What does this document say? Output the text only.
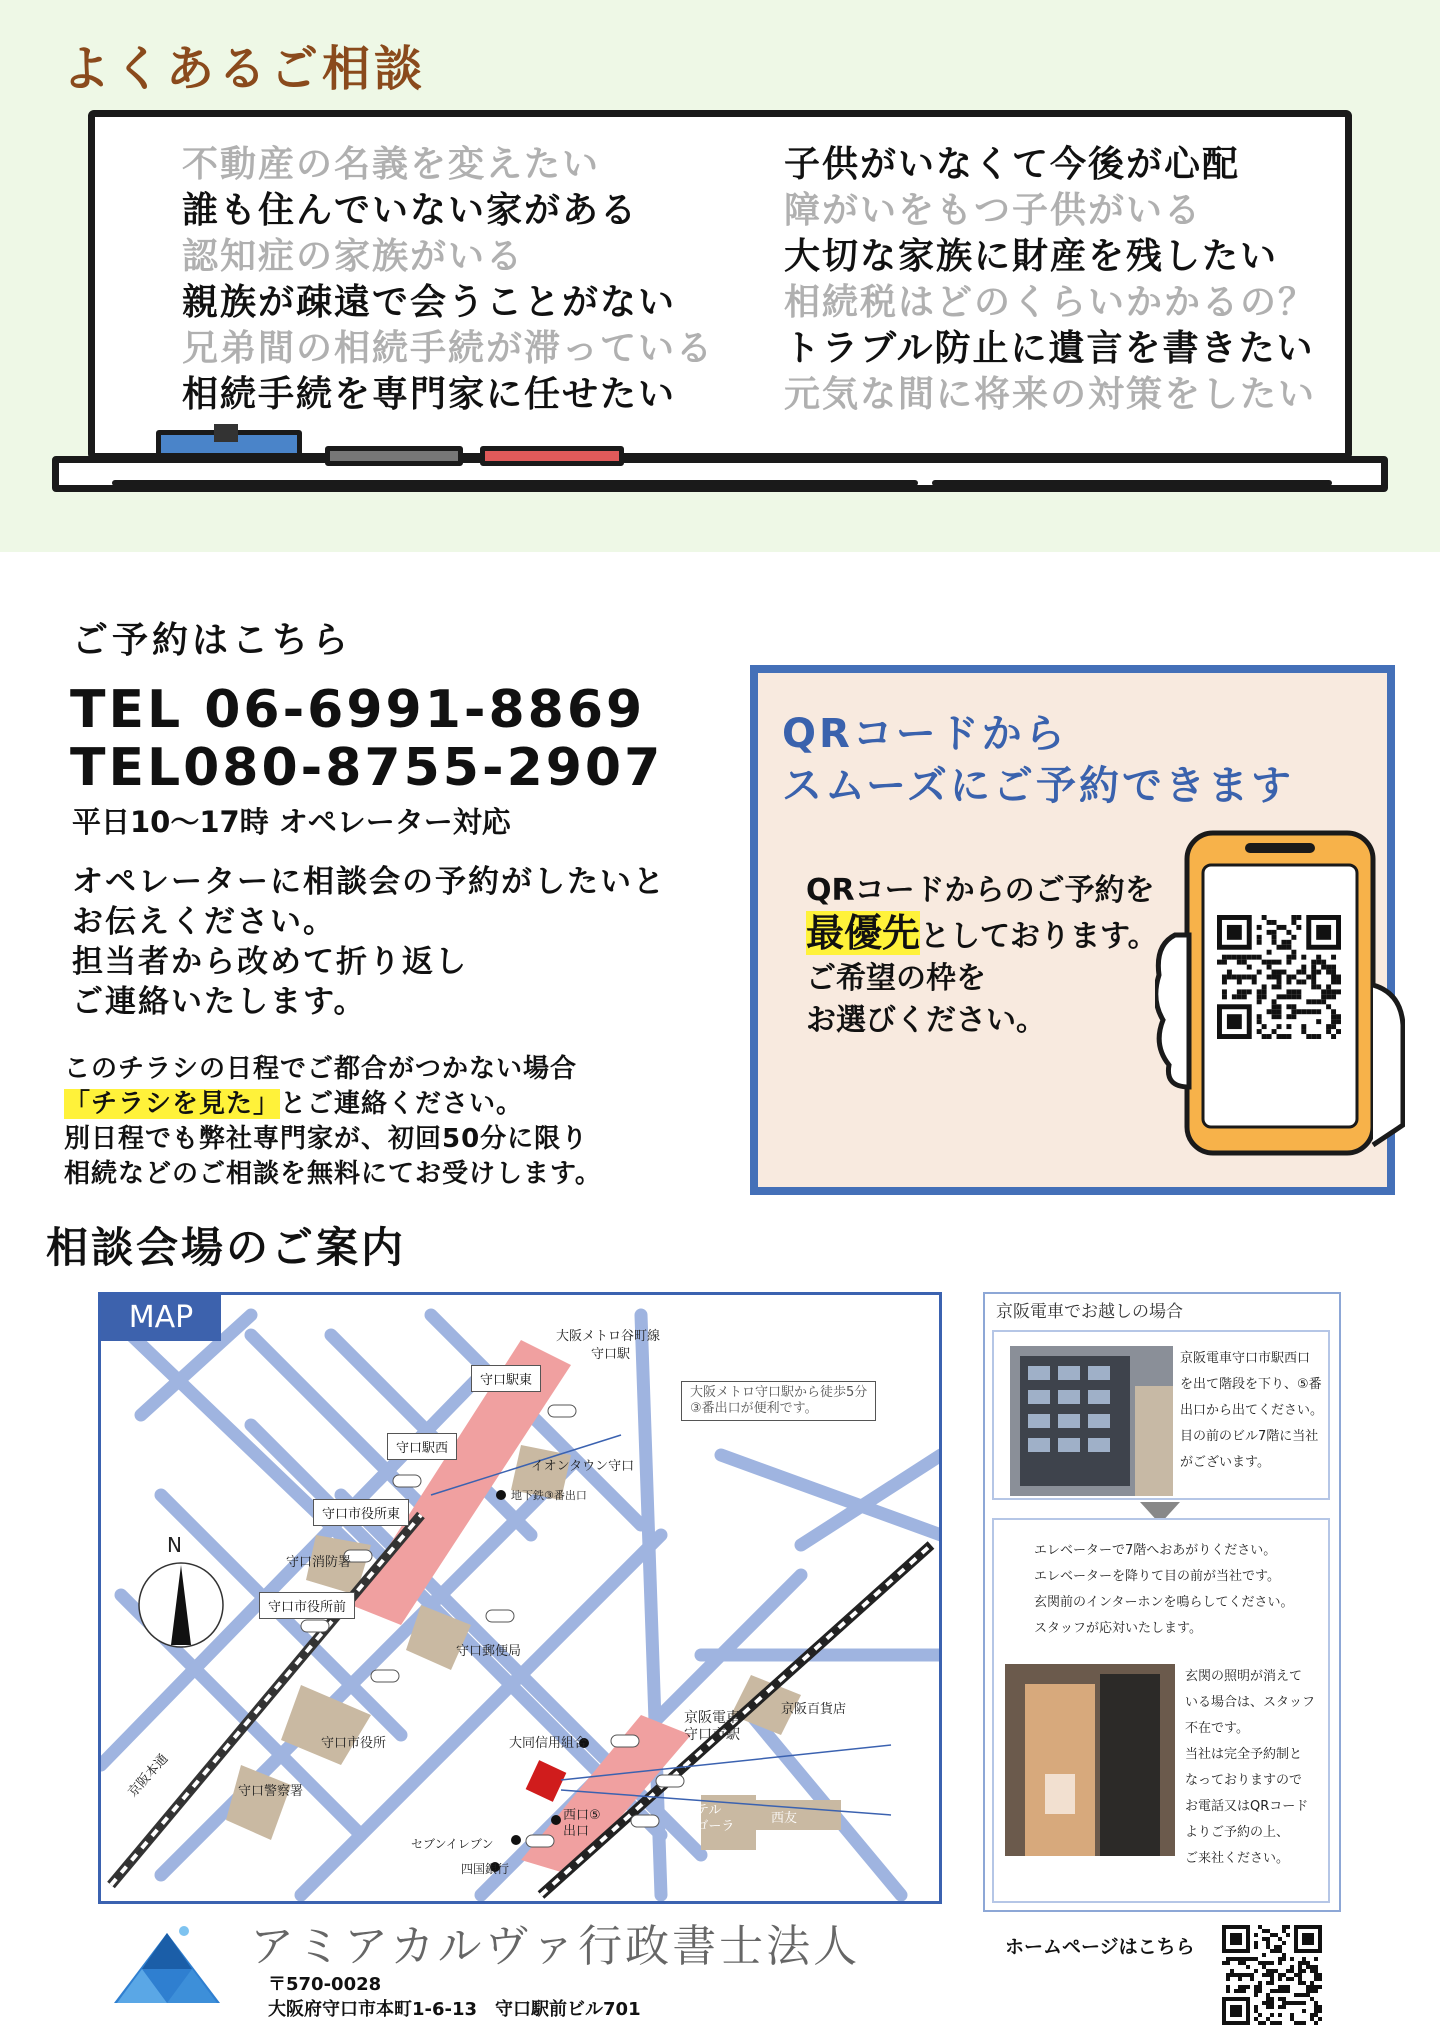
よくあるご相談
不動産の名義を変えたい
誰も住んでいない家がある
認知症の家族がいる
親族が疎遠で会うことがない
兄弟間の相続手続が滞っている
相続手続を専門家に任せたい
子供がいなくて今後が心配
障がいをもつ子供がいる
大切な家族に財産を残したい
相続税はどのくらいかかるの？
トラブル防止に遺言を書きたい
元気な間に将来の対策をしたい
ご予約はこちら
TEL 06-6991-8869
TEL080-8755-2907
平日10～17時 オペレーター対応
オペレーターに相談会の予約がしたいと
お伝えください。
担当者から改めて折り返し
ご連絡いたします。
このチラシの日程でご都合がつかない場合
「チラシを見た」とご連絡ください。
別日程でも弊社専門家が、初回50分に限り
相続などのご相談を無料にてお受けします。
QRコードから
スムーズにご予約できます
QRコードからのご予約を
最優先としております。
ご希望の枠を
お選びください。
相談会場のご案内
MAP
大阪メトロ谷町線
守口駅
守口駅東
守口駅西
イオンタウン守口
地下鉄③番出口
大阪メトロ守口駅から徒歩5分
③番出口が便利です。
守口市役所東
守口消防署
守口市役所前
守口郵便局
守口市役所	大同信用組合
京阪電車
守口市駅
京阪百貨店
守口警察署
京阪本通
セブンイレブン
四国銀行
西口⑤
出口
ホテル
アゴーラ
西友
N
京阪電車でお越しの場合
京阪電車守口市駅西口
を出て階段を下り、⑤番
出口から出てください。
目の前のビル7階に当社
がございます。
エレベーターで7階へおあがりください。
エレベーターを降りて目の前が当社です。
玄関前のインターホンを鳴らしてください。
スタッフが応対いたします。
玄関の照明が消えて
いる場合は、スタッフ
不在です。
当社は完全予約制と
なっておりますので
お電話又はQRコード
よりご予約の上、
ご来社ください。
アミアカルヴァ行政書士法人
〒570-0028
大阪府守口市本町1-6-13　守口駅前ビル701
ホームページはこちら
